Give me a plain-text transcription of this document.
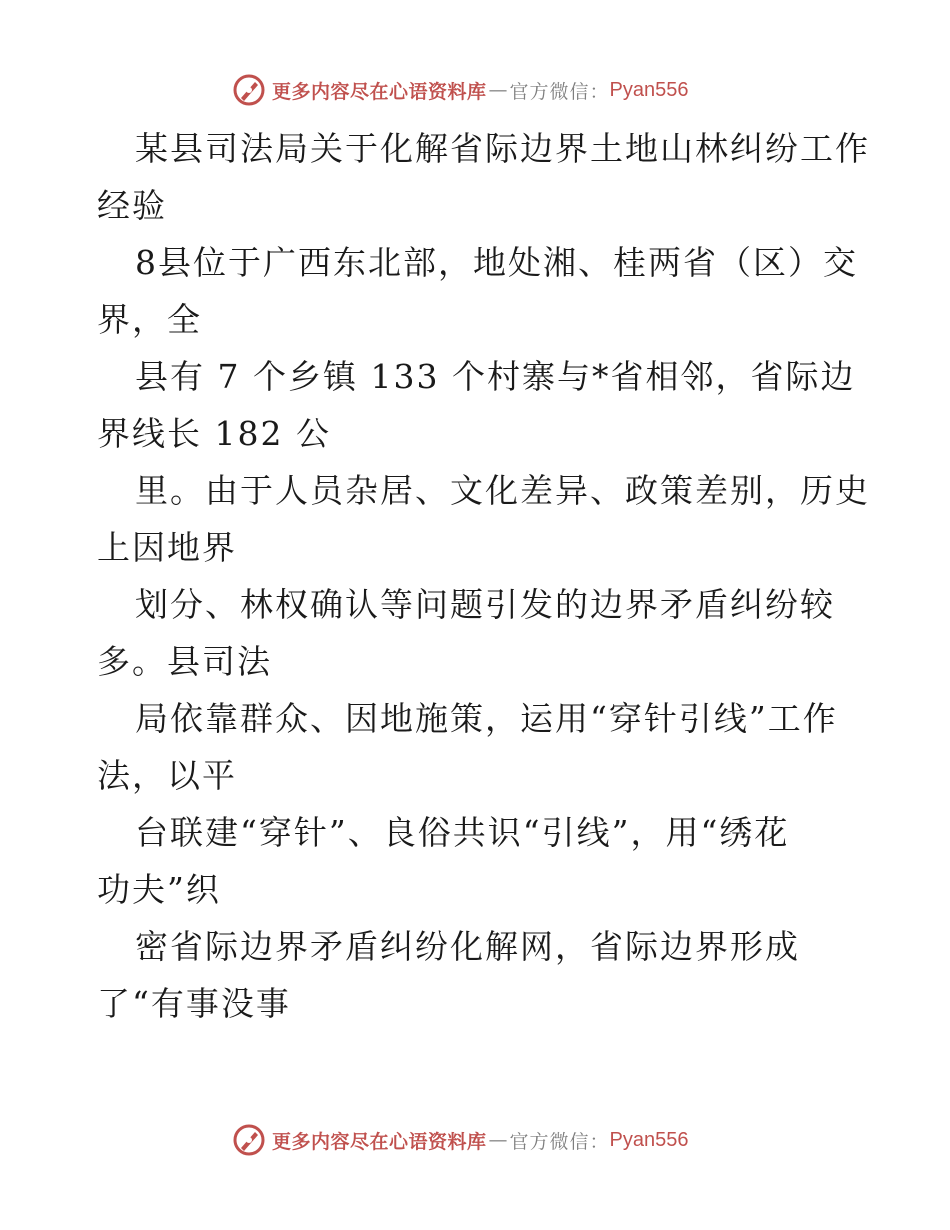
更多内容尽在心语资料库 — 官方微信： Pyan556
某县司法局关于化解省际边界土地山林纠纷工作
经验
8县位于广西东北部，地处湘、桂两省（区）交
界，全
县有 7 个乡镇 133 个村寨与*省相邻，省际边
界线长 182 公
里。由于人员杂居、文化差异、政策差别，历史
上因地界
划分、林权确认等问题引发的边界矛盾纠纷较
多。县司法
局依靠群众、因地施策，运用“穿针引线”工作
法，以平
台联建“穿针”、良俗共识“引线”，用“绣花
功夫”织
密省际边界矛盾纠纷化解网，省际边界形成
了“有事没事
更多内容尽在心语资料库 — 官方微信： Pyan556
